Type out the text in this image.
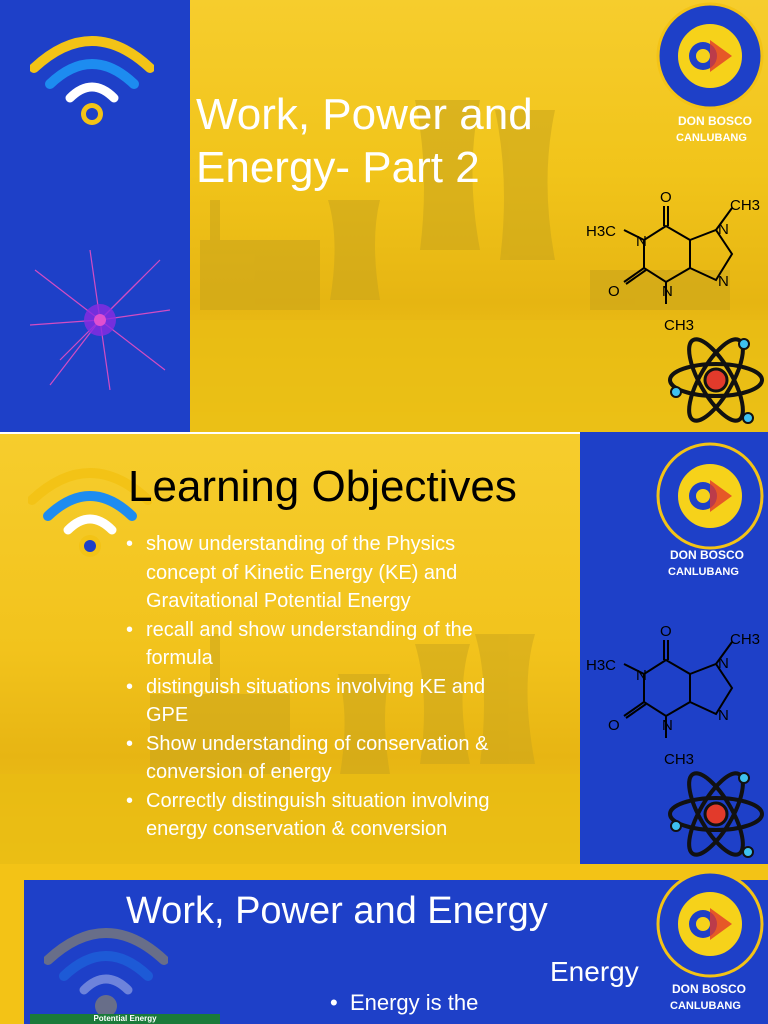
Work, Power and
Energy- Part 2
DON BOSCO
CANLUBANG
O	CH3
H3C
N
N
O	N
N
CH3
Learning Objectives
• show understanding of the Physics
concept of Kinetic Energy (KE) and
Gravitational Potential Energy
• recall and show understanding of the
formula
• distinguish situations involving KE and
GPE
• Show understanding of conservation &
conversion of energy
• Correctly distinguish situation involving
energy conservation & conversion
DON BOSCO
CANLUBANG
O	CH3
H3C
N
N
O	N
N
CH3
Work, Power and Energy
Energy
•  Energy is the
Potential Energy
DON BOSCO
CANLUBANG
